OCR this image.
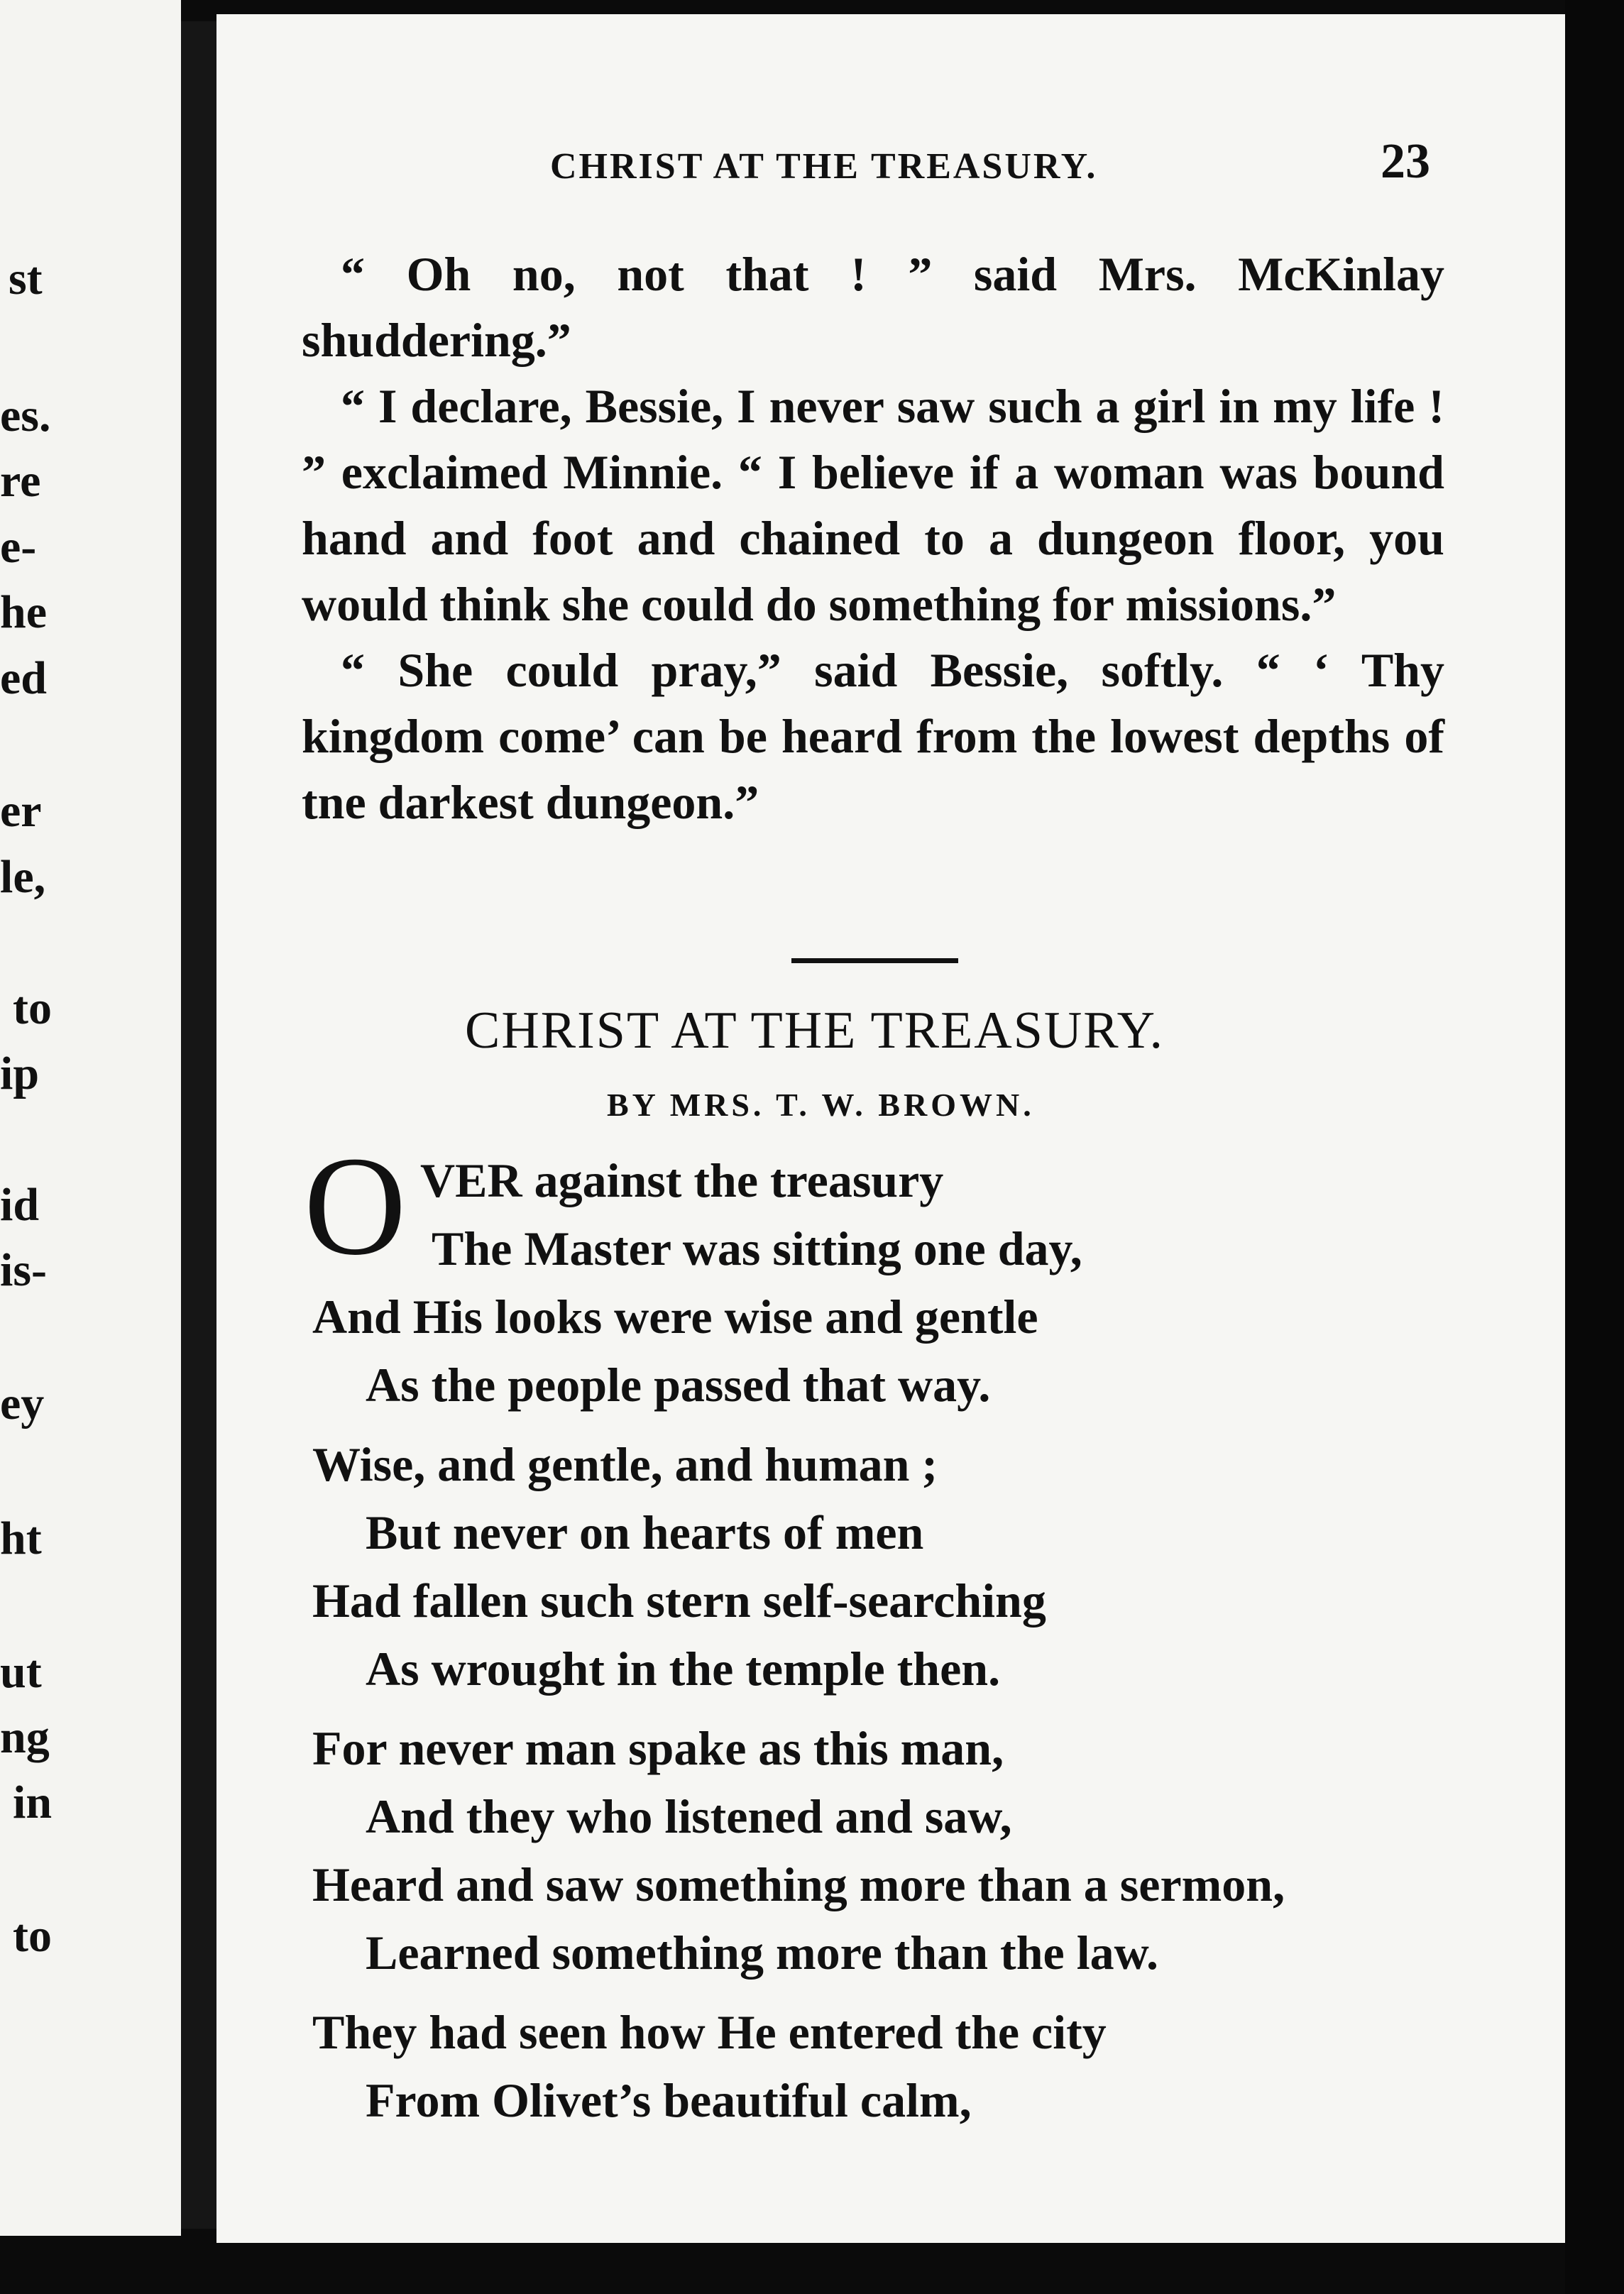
st
es.
re
e-
he
ed
er
le,
to
ip
id
is-
ey
ht
ut
ng
in
to
CHRIST AT THE TREASURY.	23

“ Oh no, not that ! ” said Mrs. McKinlay shuddering.”

“ I declare, Bessie, I never saw such a girl in my life ! ” exclaimed Minnie. “ I believe if a woman was bound hand and foot and chained to a dungeon floor, you would think she could do something for missions.”

“ She could pray,” said Bessie, softly. “ ‘ Thy kingdom come’ can be heard from the lowest depths of tne darkest dungeon.”

CHRIST AT THE TREASURY.
BY MRS. T. W. BROWN.
O VER against the treasury
The Master was sitting one day,
And His looks were wise and gentle
As the people passed that way.
Wise, and gentle, and human ;
But never on hearts of men
Had fallen such stern self-searching
As wrought in the temple then.
For never man spake as this man,
And they who listened and saw,
Heard and saw something more than a sermon,
Learned something more than the law.
They had seen how He entered the city
From Olivet’s beautiful calm,
